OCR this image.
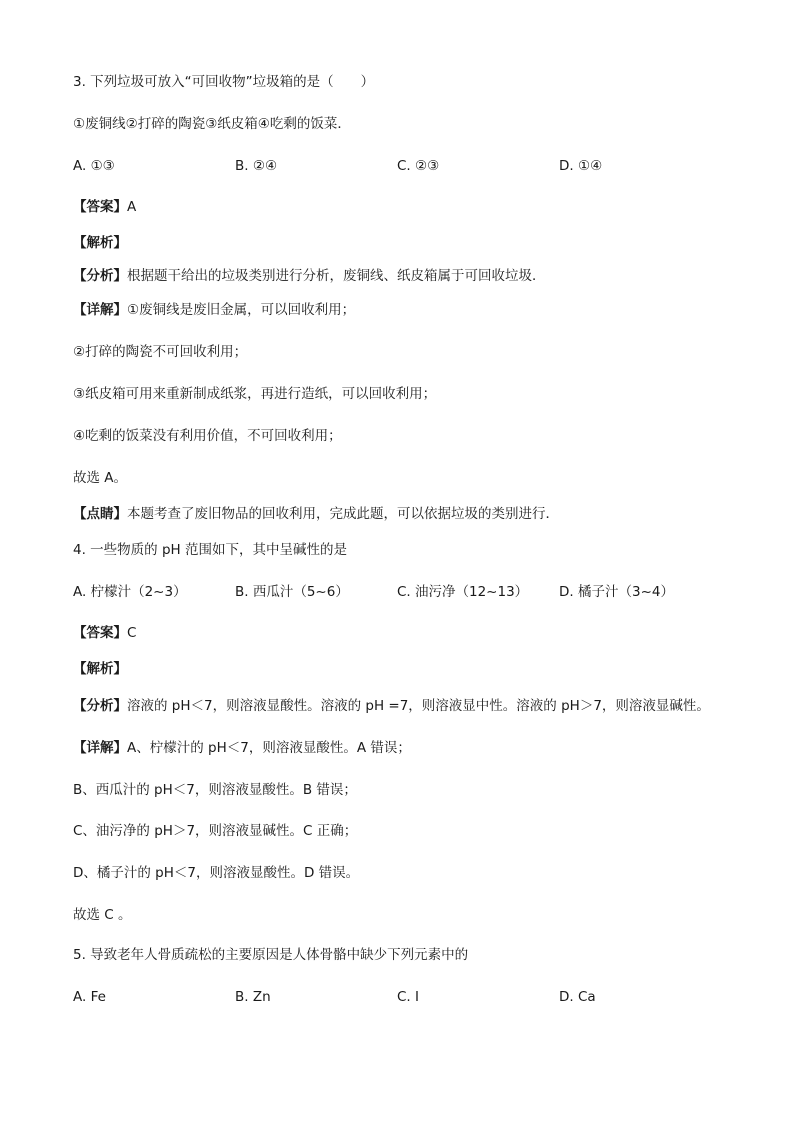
3. 下列垃圾可放入“可回收物”垃圾箱的是（　　）
①废铜线②打碎的陶瓷③纸皮箱④吃剩的饭菜．
A. ①③	B. ②④	C. ②③	D. ①④
【答案】A
【解析】
【分析】根据题干给出的垃圾类别进行分析，废铜线、纸皮箱属于可回收垃圾．
【详解】①废铜线是废旧金属，可以回收利用；
②打碎的陶瓷不可回收利用；
③纸皮箱可用来重新制成纸浆，再进行造纸，可以回收利用；
④吃剩的饭菜没有利用价值，不可回收利用；
故选 A。
【点睛】本题考查了废旧物品的回收利用，完成此题，可以依据垃圾的类别进行．
4. 一些物质的 pH 范围如下，其中呈碱性的是
A. 柠檬汁（2~3）	B. 西瓜汁（5~6）	C. 油污净（12~13） D. 橘子汁（3~4）
【答案】C
【解析】
【分析】溶液的 pH＜7，则溶液显酸性。溶液的 pH =7，则溶液显中性。溶液的 pH＞7，则溶液显碱性。
【详解】A、柠檬汁的 pH＜7，则溶液显酸性。A 错误；
B、西瓜汁的 pH＜7，则溶液显酸性。B 错误；
C、油污净的 pH＞7，则溶液显碱性。C 正确；
D、橘子汁的 pH＜7，则溶液显酸性。D 错误。
故选 C 。
5. 导致老年人骨质疏松的主要原因是人体骨骼中缺少下列元素中的
A. Fe	B. Zn	C. I	D. Ca
